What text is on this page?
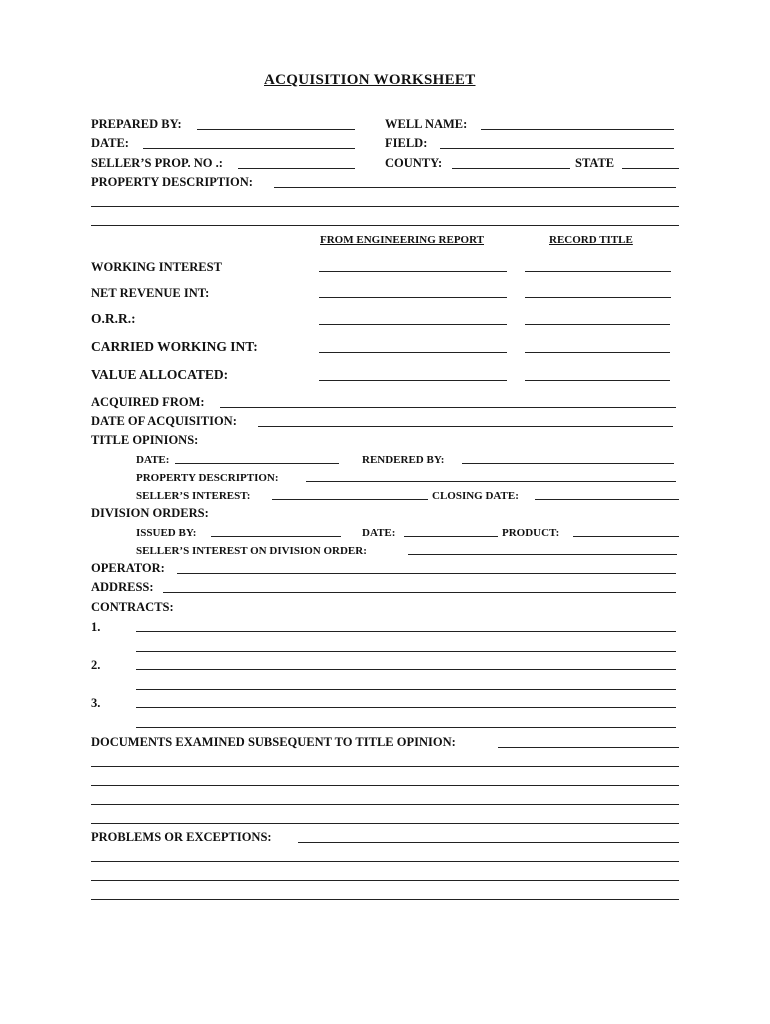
ACQUISITION WORKSHEET
PREPARED BY:	WELL NAME:
DATE:	FIELD:
SELLER’S PROP. NO .:	COUNTY:	STATE
PROPERTY DESCRIPTION:
FROM ENGINEERING REPORT	RECORD TITLE
WORKING INTEREST
NET REVENUE INT:
O.R.R.:
CARRIED WORKING INT:
VALUE ALLOCATED:
ACQUIRED FROM:
DATE OF ACQUISITION:
TITLE OPINIONS:
DATE:	RENDERED BY:
PROPERTY DESCRIPTION:
SELLER’S INTEREST:	CLOSING DATE:
DIVISION ORDERS:
ISSUED BY:	DATE:	PRODUCT:
SELLER’S INTEREST ON DIVISION ORDER:
OPERATOR:
ADDRESS:
CONTRACTS:
1.
2.
3.
DOCUMENTS EXAMINED SUBSEQUENT TO TITLE OPINION:
PROBLEMS OR EXCEPTIONS:
